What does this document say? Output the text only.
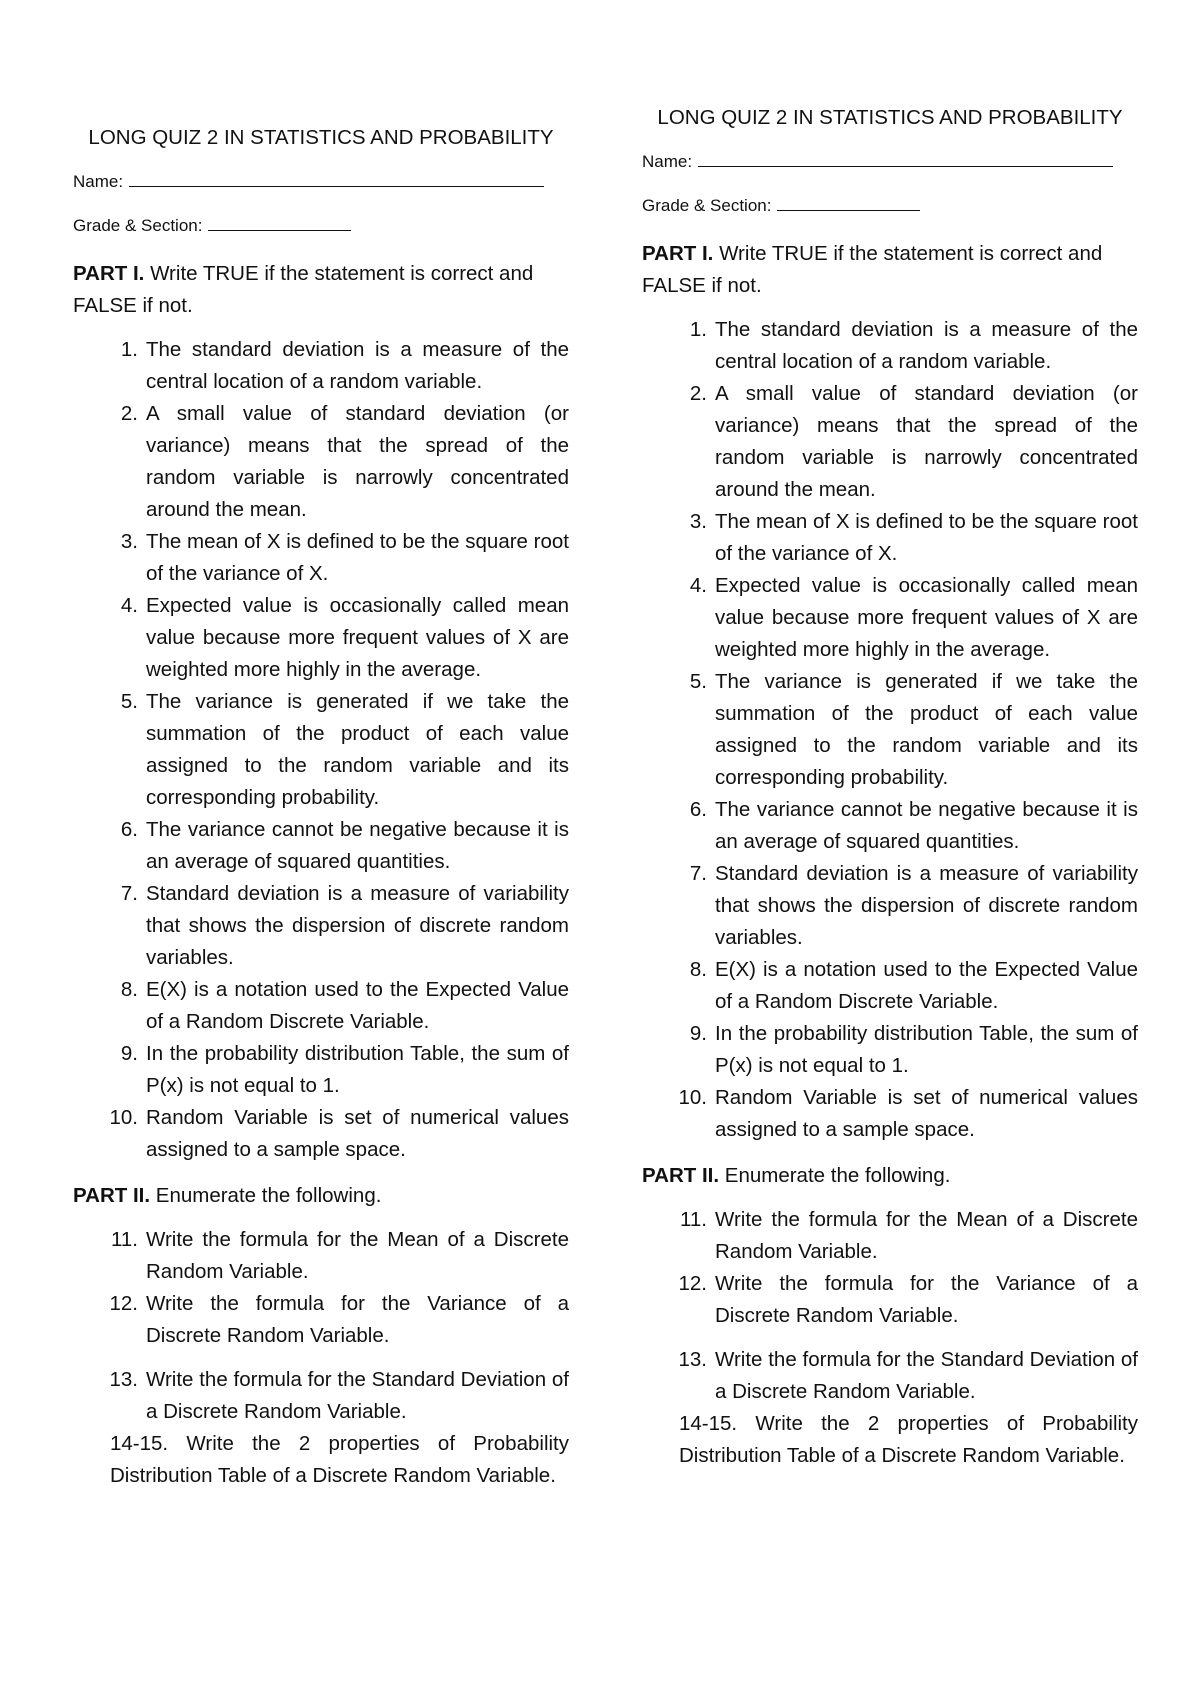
LONG QUIZ 2 IN STATISTICS AND PROBABILITY
Name:
Grade & Section:
PART I. Write TRUE if the statement is correct and FALSE if not.
1. The standard deviation is a measure of the central location of a random variable.
2. A small value of standard deviation (or variance) means that the spread of the random variable is narrowly concentrated around the mean.
3. The mean of X is defined to be the square root of the variance of X.
4. Expected value is occasionally called mean value because more frequent values of X are weighted more highly in the average.
5. The variance is generated if we take the summation of the product of each value assigned to the random variable and its corresponding probability.
6. The variance cannot be negative because it is an average of squared quantities.
7. Standard deviation is a measure of variability that shows the dispersion of discrete random variables.
8. E(X) is a notation used to the Expected Value of a Random Discrete Variable.
9. In the probability distribution Table, the sum of P(x) is not equal to 1.
10. Random Variable is set of numerical values assigned to a sample space.
PART II. Enumerate the following.
11. Write the formula for the Mean of a Discrete Random Variable.
12. Write the formula for the Variance of a Discrete Random Variable.
13. Write the formula for the Standard Deviation of a Discrete Random Variable.
14-15. Write the 2 properties of Probability Distribution Table of a Discrete Random Variable.
LONG QUIZ 2 IN STATISTICS AND PROBABILITY
Name:
Grade & Section:
PART I. Write TRUE if the statement is correct and FALSE if not.
1. The standard deviation is a measure of the central location of a random variable.
2. A small value of standard deviation (or variance) means that the spread of the random variable is narrowly concentrated around the mean.
3. The mean of X is defined to be the square root of the variance of X.
4. Expected value is occasionally called mean value because more frequent values of X are weighted more highly in the average.
5. The variance is generated if we take the summation of the product of each value assigned to the random variable and its corresponding probability.
6. The variance cannot be negative because it is an average of squared quantities.
7. Standard deviation is a measure of variability that shows the dispersion of discrete random variables.
8. E(X) is a notation used to the Expected Value of a Random Discrete Variable.
9. In the probability distribution Table, the sum of P(x) is not equal to 1.
10. Random Variable is set of numerical values assigned to a sample space.
PART II. Enumerate the following.
11. Write the formula for the Mean of a Discrete Random Variable.
12. Write the formula for the Variance of a Discrete Random Variable.
13. Write the formula for the Standard Deviation of a Discrete Random Variable.
14-15. Write the 2 properties of Probability Distribution Table of a Discrete Random Variable.
